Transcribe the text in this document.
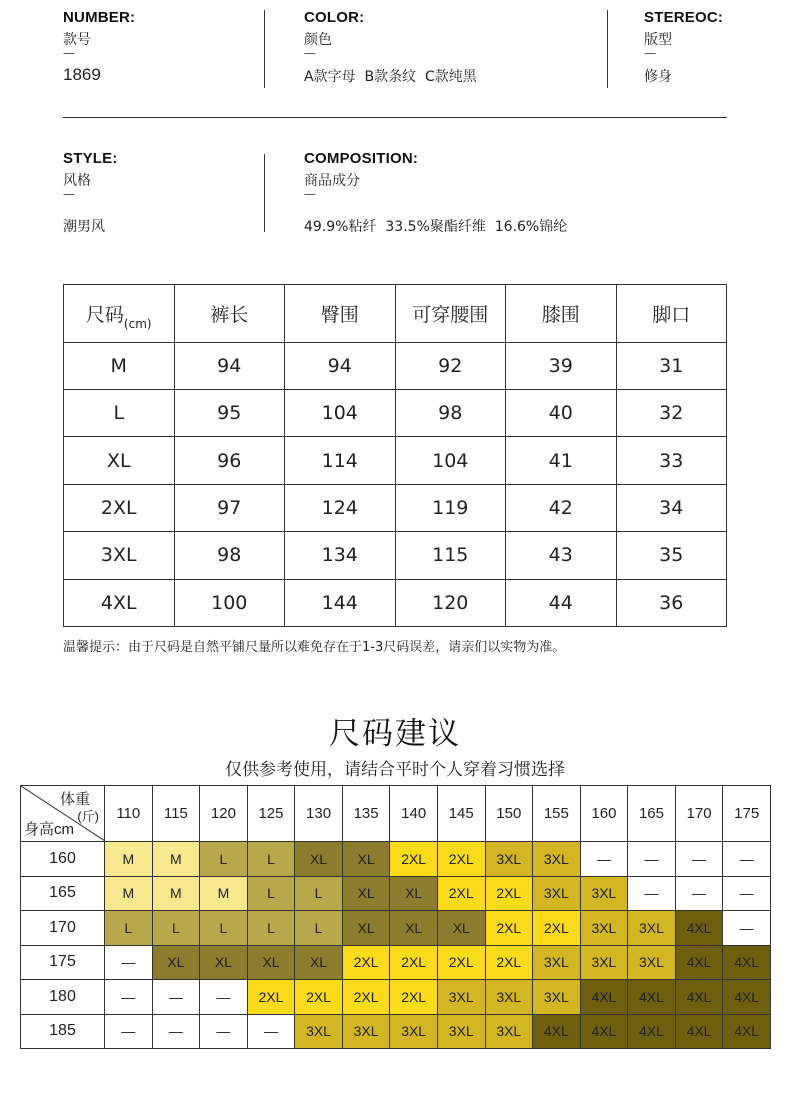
NUMBER:
款号
—
1869
COLOR:
颜色
—
A款字母  B款条纹  C款纯黑
STEREOC:
版型
—
修身
STYLE:
风格
—
潮男风
COMPOSITION:
商品成分
—
49.9%粘纤  33.5%聚酯纤维  16.6%锦纶
尺码$_{(cm)}$	裤长	臀围	可穿腰围	膝围	脚口
M	94	94	92	39	31
L	95	104	98	40	32
XL	96	114	104	41	33
2XL	97	124	119	42	34
3XL	98	134	115	43	35
4XL	100	144	120	44	36
温馨提示：由于尺码是自然平铺尺量所以难免存在于1-3尺码误差，请亲们以实物为准。
尺码建议
仅供参考使用，请结合平时个人穿着习惯选择
体重
(斤)
身高cm	110	115	120	125	130	135	140	145	150	155	160	165	170	175
160	M	M	L	L	XL	XL	2XL	2XL	3XL	3XL	—	—	—	—
165	M	M	M	L	L	XL	XL	2XL	2XL	3XL	3XL	—	—	—
170	L	L	L	L	L	XL	XL	XL	2XL	2XL	3XL	3XL	4XL	—
175	—	XL	XL	XL	XL	2XL	2XL	2XL	2XL	3XL	3XL	3XL	4XL	4XL
180	—	—	—	2XL	2XL	2XL	2XL	3XL	3XL	3XL	4XL	4XL	4XL	4XL
185	—	—	—	—	3XL	3XL	3XL	3XL	3XL	4XL	4XL	4XL	4XL	4XL
